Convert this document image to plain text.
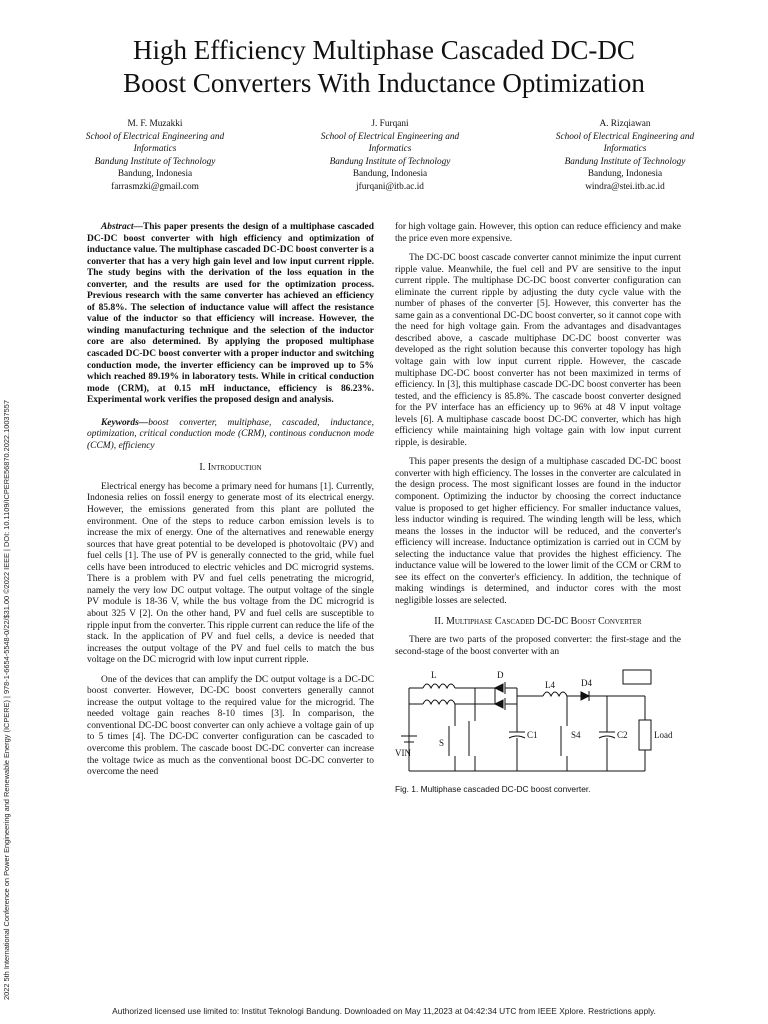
2022 5th International Conference on Power Engineering and Renewable Energy (ICPERE) | 978-1-6654-5548-0/22/$31.00 ©2022 IEEE | DOI: 10.1109/ICPERE56870.2022.10037557
High Efficiency Multiphase Cascaded DC-DC
Boost Converters With Inductance Optimization
M. F. Muzakki
School of Electrical Engineering and
Informatics
Bandung Institute of Technology
Bandung, Indonesia
farrasmzki@gmail.com
J. Furqani
School of Electrical Engineering and
Informatics
Bandung Institute of Technology
Bandung, Indonesia
jfurqani@itb.ac.id
A. Rizqiawan
School of Electrical Engineering and
Informatics
Bandung Institute of Technology
Bandung, Indonesia
windra@stei.itb.ac.id

Abstract—This paper presents the design of a multiphase cascaded DC-DC boost converter with high efficiency and optimization of inductance value. The multiphase cascaded DC-DC boost converter is a converter that has a very high gain level and low input current ripple. The study begins with the derivation of the loss equation in the converter, and the results are used for the optimization process. Previous research with the same converter has achieved an efficiency of 85.8%. The selection of inductance value will affect the resistance value of the inductor so that efficiency will increase. However, the winding manufacturing technique and the selection of the inductor core are also determined. By applying the proposed multiphase cascaded DC-DC boost converter with a proper inductor and switching conduction mode, the inverter efficiency can be improved up to 5% which reached 89.19% in laboratory tests. While in critical conduction mode (CRM), at 0.15 mH inductance, efficiency is 86.23%. Experimental work verifies the proposed design and analysis.

Keywords—boost converter, multiphase, cascaded, inductance, optimization, critical conduction mode (CRM), continous conducnon mode (CCM), efficiency

I. Introduction

Electrical energy has become a primary need for humans [1]. Currently, Indonesia relies on fossil energy to generate most of its electrical energy. However, the emissions generated from this plant are polluted the environment. One of the steps to reduce carbon emission levels is to increase the mix of energy. One of the alternatives and renewable energy sources that have great potential to be developed is photovoltaic (PV) and fuel cells [1]. The use of PV is generally connected to the grid, while fuel cells have been introduced to electric vehicles and DC microgrid systems. There is a problem with PV and fuel cells penetrating the microgrid, namely the very low DC output voltage. The output voltage of the single PV module is 18-36 V, while the bus voltage from the DC microgrid is about 325 V [2]. On the other hand, PV and fuel cells are susceptible to ripple input from the converter. This ripple current can reduce the life of the stack. In the application of PV and fuel cells, a device is needed that increases the output voltage of the PV and fuel cells to match the bus voltage on the DC microgrid with low input current ripple.

One of the devices that can amplify the DC output voltage is a DC-DC boost converter. However, DC-DC boost converters generally cannot increase the output voltage to the required value for the microgrid. The needed voltage gain reaches 8-10 times [3]. In comparison, the conventional DC-DC boost converter can only achieve a voltage gain of up to 5 times [4]. The DC-DC converter configuration can be cascaded to overcome this problem. The cascade boost DC-DC converter can increase the voltage twice as much as the conventional boost DC-DC converter to overcome the need

for high voltage gain. However, this option can reduce efficiency and make the price even more expensive.

The DC-DC boost cascade converter cannot minimize the input current ripple value. Meanwhile, the fuel cell and PV are sensitive to the input current ripple. The multiphase DC-DC boost converter configuration can eliminate the current ripple by adjusting the duty cycle value with the number of phases of the converter [5]. However, this converter has the same gain as a conventional DC-DC boost converter, so it cannot cope with the need for high voltage gain. From the advantages and disadvantages described above, a cascade multiphase DC-DC boost converter was developed as the right solution because this converter topology has high voltage gain with low input current ripple. However, the cascade multiphase DC-DC boost converter has not been maximized in terms of efficiency. In [3], this multiphase cascade DC-DC boost converter has been tested, and the efficiency is 85.8%. The cascade boost converter designed for the PV interface has an efficiency up to 96% at 48 V input voltage levels [6]. A multiphase cascade boost DC-DC converter, which has high efficiency while maintaining high voltage gain with low input current ripple, is desirable.

This paper presents the design of a multiphase cascaded DC-DC boost converter with high efficiency. The losses in the converter are calculated in the design process. The most significant losses are found in the inductor component. Optimizing the inductor by choosing the correct inductance value is proposed to get higher efficiency. For smaller inductance values, less inductor winding is required. The winding length will be less, which means the losses in the inductor will be reduced, and the converter's efficiency will increase. Inductance optimization is carried out in CCM by selecting the inductance value that provides the highest efficiency. The inductance value will be lowered to the lower limit of the CCM or CRM to see its effect on the converter's efficiency. In addition, the technique of making windings is determined, and inductor cores with the most negligible losses are selected.

II. Multiphase Cascaded DC-DC Boost Converter

There are two parts of the proposed converter: the first-stage and the second-stage of the boost converter with an

L	D
L4	D4
S
C1	S4	C2	Load
VIN
Fig. 1. Multiphase cascaded DC-DC boost converter.
Authorized licensed use limited to: Institut Teknologi Bandung. Downloaded on May 11,2023 at 04:42:34 UTC from IEEE Xplore. Restrictions apply.
